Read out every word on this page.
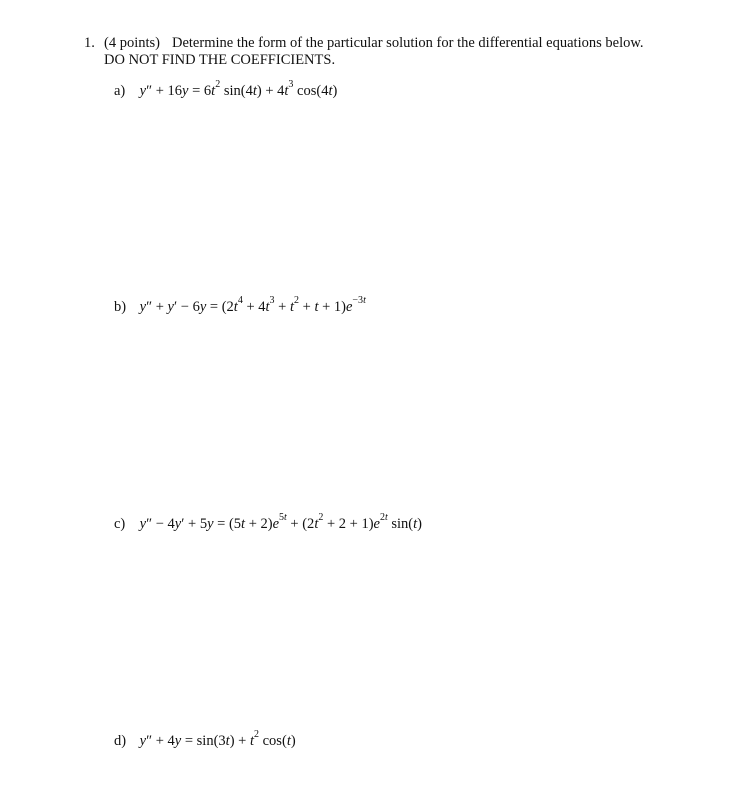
1. (4 points) Determine the form of the particular solution for the differential equations below.
DO NOT FIND THE COEFFICIENTS.
a) $y'' + 16y = 6t^2$ $\sin(4t) + 4t^3$ cos(4t)
b) $y'' + y' - 6y = (2t^4 + 4t^3 + t^2 + t + 1)e^{-3t}$
c) $y'' - 4y' + 5y = (5t + 2)e^{5t} + (2t^2 + 2 + 1)e^{2t}$ sin(t)
d) $y'' + 4y = \sin(3t) + t^2$ cos(t)
